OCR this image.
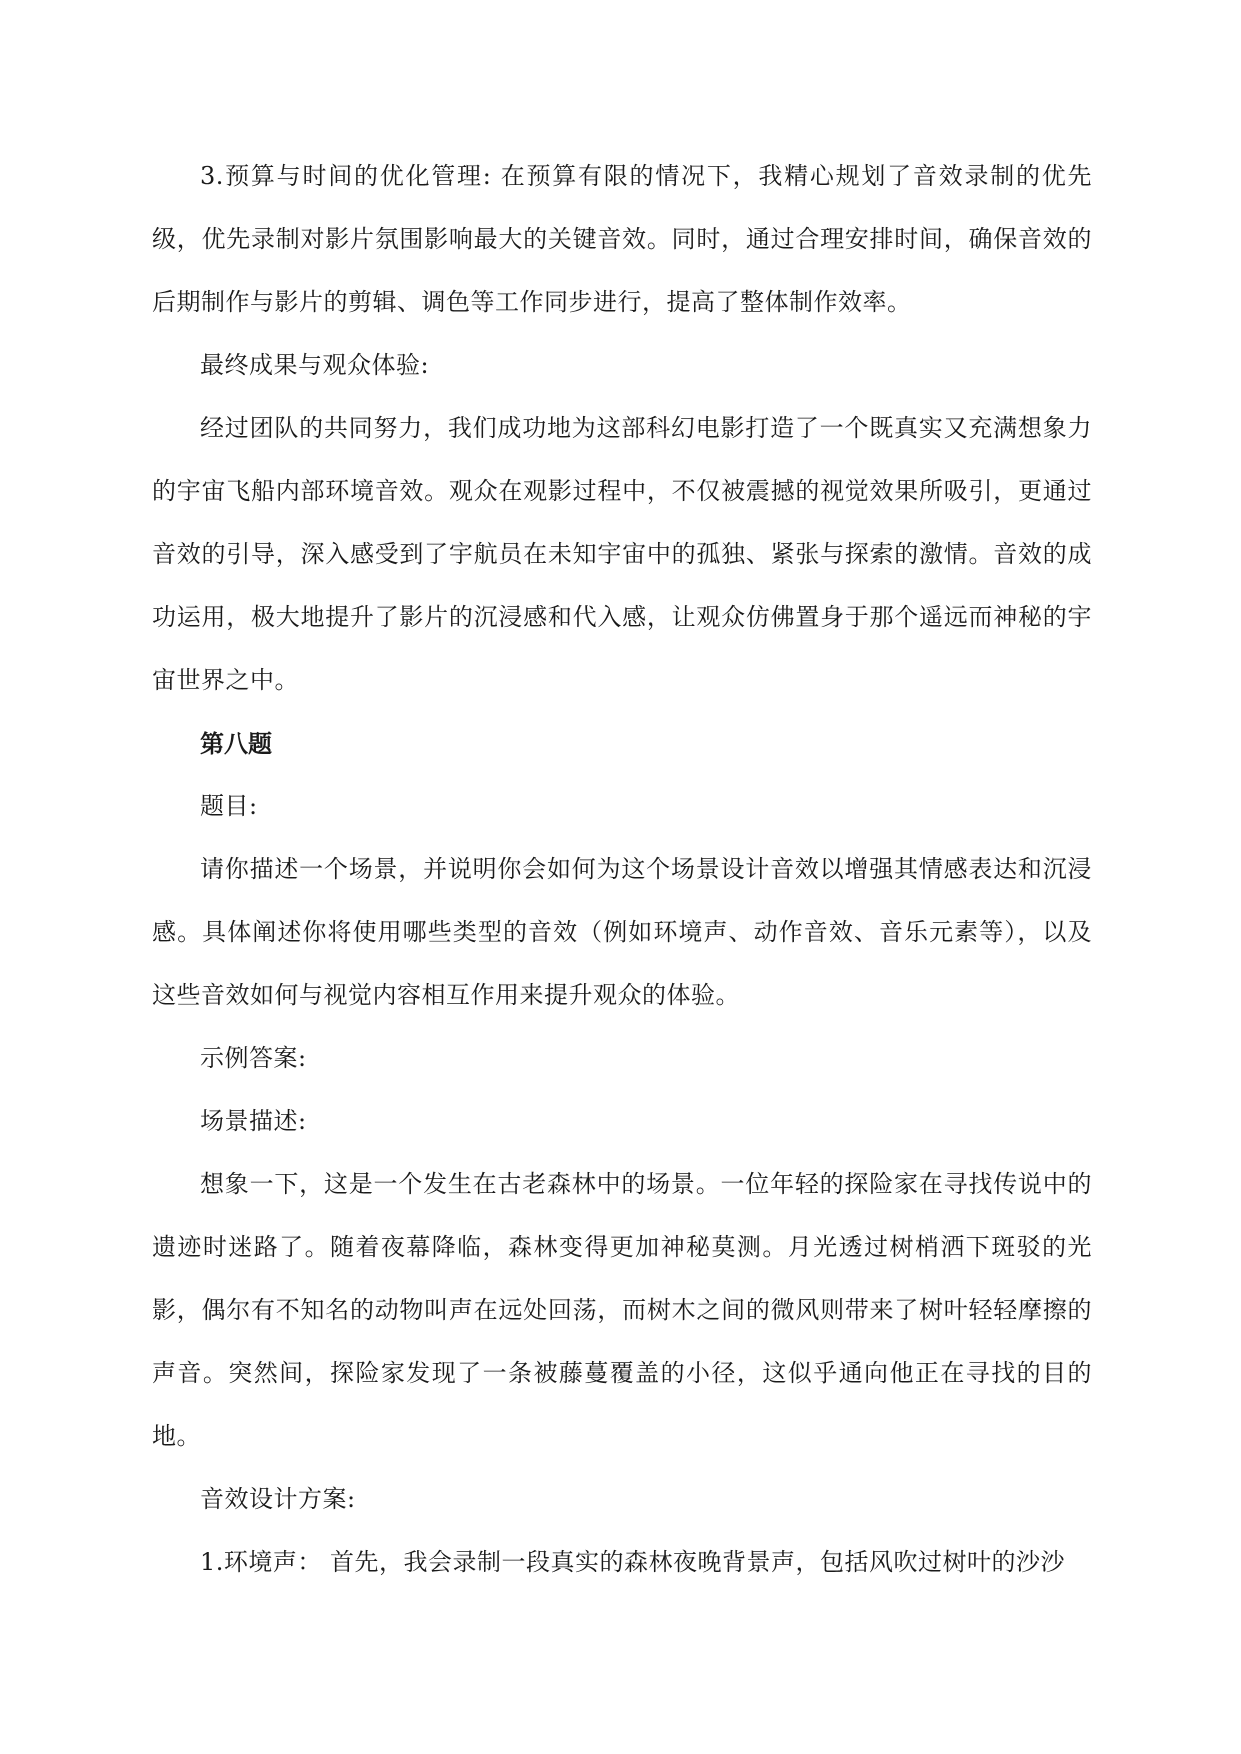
3.预算与时间的优化管理: 在预算有限的情况下，我精心规划了音效录制的优先级，优先录制对影片氛围影响最大的关键音效。同时，通过合理安排时间，确保音效的后期制作与影片的剪辑、调色等工作同步进行，提高了整体制作效率。

最终成果与观众体验:

经过团队的共同努力，我们成功地为这部科幻电影打造了一个既真实又充满想象力的宇宙飞船内部环境音效。观众在观影过程中，不仅被震撼的视觉效果所吸引，更通过音效的引导，深入感受到了宇航员在未知宇宙中的孤独、紧张与探索的激情。音效的成功运用，极大地提升了影片的沉浸感和代入感，让观众仿佛置身于那个遥远而神秘的宇宙世界之中。

第八题

题目:

请你描述一个场景，并说明你会如何为这个场景设计音效以增强其情感表达和沉浸感。具体阐述你将使用哪些类型的音效（例如环境声、动作音效、音乐元素等），以及这些音效如何与视觉内容相互作用来提升观众的体验。

示例答案:

场景描述:

想象一下，这是一个发生在古老森林中的场景。一位年轻的探险家在寻找传说中的遗迹时迷路了。随着夜幕降临，森林变得更加神秘莫测。月光透过树梢洒下斑驳的光影，偶尔有不知名的动物叫声在远处回荡，而树木之间的微风则带来了树叶轻轻摩擦的声音。突然间，探险家发现了一条被藤蔓覆盖的小径，这似乎通向他正在寻找的目的地。

音效设计方案:

1.环境声： 首先，我会录制一段真实的森林夜晚背景声，包括风吹过树叶的沙沙
